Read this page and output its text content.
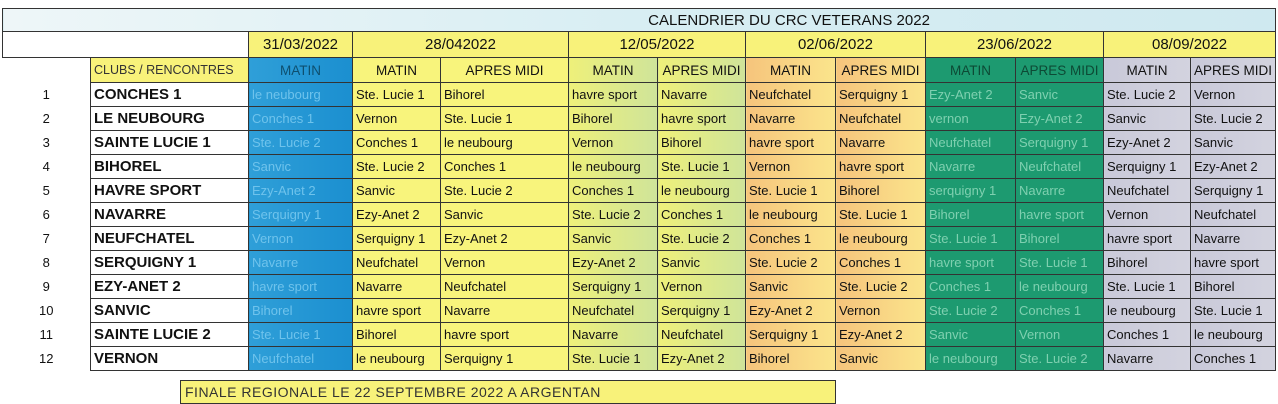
CALENDRIER DU CRC VETERANS 2022												
		31/03/2022	28/042022		12/05/2022		02/06/2022		23/06/2022		08/09/2022	
	CLUBS / RENCONTRES	MATIN	MATIN	APRES MIDI	MATIN	APRES MIDI	MATIN	APRES MIDI	MATIN	APRES MIDI	MATIN	APRES MIDI
1	CONCHES 1	le neubourg	Ste. Lucie 1	Bihorel	havre sport	Navarre	Neufchatel	Serquigny 1	Ezy-Anet 2	Sanvic	Ste. Lucie 2	Vernon
2	LE NEUBOURG	Conches 1	Vernon	Ste. Lucie 1	Bihorel	havre sport	Navarre	Neufchatel	vernon	Ezy-Anet 2	Sanvic	Ste. Lucie 2
3	SAINTE LUCIE 1	Ste. Lucie 2	Conches 1	le neubourg	Vernon	Bihorel	havre sport	Navarre	Neufchatel	Serquigny 1	Ezy-Anet 2	Sanvic
4	BIHOREL	Sanvic	Ste. Lucie 2	Conches 1	le neubourg	Ste. Lucie 1	Vernon	havre sport	Navarre	Neufchatel	Serquigny 1	Ezy-Anet 2
5	HAVRE SPORT	Ezy-Anet 2	Sanvic	Ste. Lucie 2	Conches 1	le neubourg	Ste. Lucie 1	Bihorel	serquigny 1	Navarre	Neufchatel	Serquigny 1
6	NAVARRE	Serquigny 1	Ezy-Anet 2	Sanvic	Ste. Lucie 2	Conches 1	le neubourg	Ste. Lucie 1	Bihorel	havre sport	Vernon	Neufchatel
7	NEUFCHATEL	Vernon	Serquigny 1	Ezy-Anet 2	Sanvic	Ste. Lucie 2	Conches 1	le neubourg	Ste. Lucie 1	Bihorel	havre sport	Navarre
8	SERQUIGNY 1	Navarre	Neufchatel	Vernon	Ezy-Anet 2	Sanvic	Ste. Lucie 2	Conches 1	havre sport	Ste. Lucie 1	Bihorel	havre sport
9	EZY-ANET 2	havre sport	Navarre	Neufchatel	Serquigny 1	Vernon	Sanvic	Ste. Lucie 2	Conches 1	le neubourg	Ste. Lucie 1	Bihorel
10	SANVIC	Bihorel	havre sport	Navarre	Neufchatel	Serquigny 1	Ezy-Anet 2	Vernon	Ste. Lucie 2	Conches 1	le neubourg	Ste. Lucie 1
11	SAINTE LUCIE 2	Ste. Lucie 1	Bihorel	havre sport	Navarre	Neufchatel	Serquigny 1	Ezy-Anet 2	Sanvic	Vernon	Conches 1	le neubourg
12	VERNON	Neufchatel	le neubourg	Serquigny 1	Ste. Lucie 1	Ezy-Anet 2	Bihorel	Sanvic	le neubourg	Ste. Lucie 2	Navarre	Conches 1
FINALE REGIONALE LE 22 SEPTEMBRE 2022 A ARGENTAN
